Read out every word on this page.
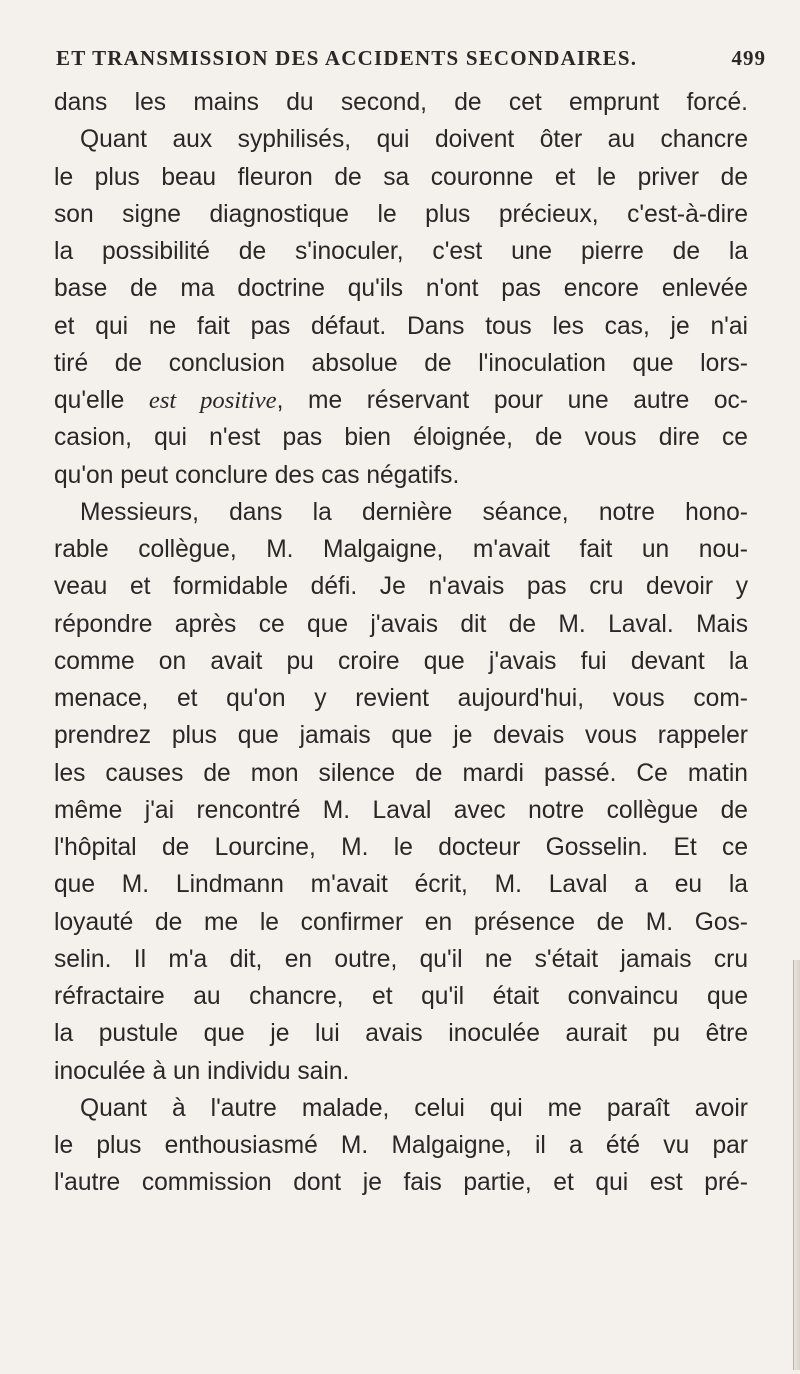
ET TRANSMISSION DES ACCIDENTS SECONDAIRES.	499
dans les mains du second, de cet emprunt forcé.
Quant aux syphilisés, qui doivent ôter au chancre
le plus beau fleuron de sa couronne et le priver de
son signe diagnostique le plus précieux, c'est-à-dire
la possibilité de s'inoculer, c'est une pierre de la
base de ma doctrine qu'ils n'ont pas encore enlevée
et qui ne fait pas défaut. Dans tous les cas, je n'ai
tiré de conclusion absolue de l'inoculation que lors-
qu'elle est positive, me réservant pour une autre oc-
casion, qui n'est pas bien éloignée, de vous dire ce
qu'on peut conclure des cas négatifs.
Messieurs, dans la dernière séance, notre hono-
rable collègue, M. Malgaigne, m'avait fait un nou-
veau et formidable défi. Je n'avais pas cru devoir y
répondre après ce que j'avais dit de M. Laval. Mais
comme on avait pu croire que j'avais fui devant la
menace, et qu'on y revient aujourd'hui, vous com-
prendrez plus que jamais que je devais vous rappeler
les causes de mon silence de mardi passé. Ce matin
même j'ai rencontré M. Laval avec notre collègue de
l'hôpital de Lourcine, M. le docteur Gosselin. Et ce
que M. Lindmann m'avait écrit, M. Laval a eu la
loyauté de me le confirmer en présence de M. Gos-
selin. Il m'a dit, en outre, qu'il ne s'était jamais cru
réfractaire au chancre, et qu'il était convaincu que
la pustule que je lui avais inoculée aurait pu être
inoculée à un individu sain.
Quant à l'autre malade, celui qui me paraît avoir
le plus enthousiasmé M. Malgaigne, il a été vu par
l'autre commission dont je fais partie, et qui est pré-
